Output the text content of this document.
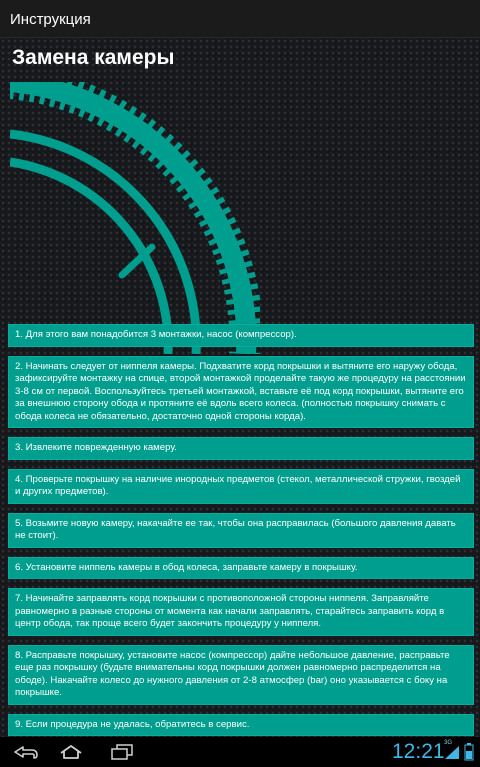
Инструкция
Замена камеры
1. Для этого вам понадобится 3 монтажки, насос (компрессор).
2. Начинать следует от ниппеля камеры. Подхватите корд покрышки и вытяните его наружу обода, зафиксируйте монтажку на спице, второй монтажкой проделайте такую же процедуру на расстоянии 3-8 см от первой. Воспользуйтесь третьей монтажкой, вставьте её под корд покрышки, вытяните его за внешнюю сторону обода и протяните её вдоль всего колеса. (полностью покрышку снимать с обода колеса не обязательно, достаточно одной стороны корда).
3. Извлеките поврежденную камеру.
4. Проверьте покрышку на наличие инородных предметов (стекол, металлической стружки, гвоздей и других предметов).
5. Возьмите новую камеру, накачайте ее так, чтобы она расправилась (большого давления давать не стоит).
6. Установите ниппель камеры в обод колеса, заправьте камеру в покрышку.
7. Начинайте заправлять корд покрышки с противоположной стороны ниппеля. Заправляйте равномерно в разные стороны от момента как начали заправлять, старайтесь заправить корд в центр обода, так проще всего будет закончить процедуру у ниппеля.
8. Расправьте покрышку, установите насос (компрессор) дайте небольшое давление, расправьте еще раз покрышку (будьте внимательны корд покрышки должен равномерно распределится на ободе). Накачайте колесо до нужного давления от 2-8 атмосфер (bar) оно указывается с боку на покрышке.
9. Если процедура не удалась, обратитесь в сервис.
12:21 3G
